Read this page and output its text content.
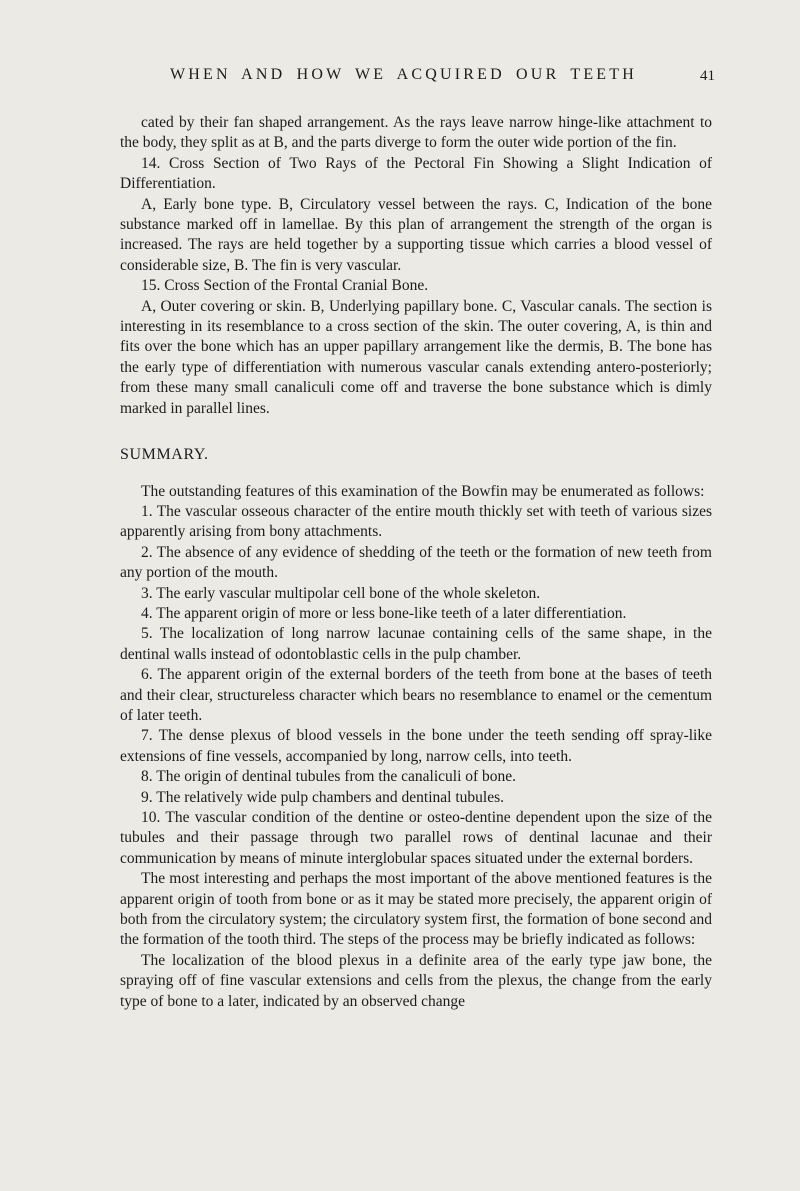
WHEN AND HOW WE ACQUIRED OUR TEETH	41

cated by their fan shaped arrangement. As the rays leave narrow hinge-like attachment to the body, they split as at B, and the parts diverge to form the outer wide portion of the fin.

14. Cross Section of Two Rays of the Pectoral Fin Showing a Slight Indication of Differentiation.

A, Early bone type. B, Circulatory vessel between the rays. C, Indication of the bone substance marked off in lamellae. By this plan of arrangement the strength of the organ is increased. The rays are held together by a supporting tissue which carries a blood vessel of considerable size, B. The fin is very vascular.

15. Cross Section of the Frontal Cranial Bone.

A, Outer covering or skin. B, Underlying papillary bone. C, Vascular canals. The section is interesting in its resemblance to a cross section of the skin. The outer covering, A, is thin and fits over the bone which has an upper papillary arrangement like the dermis, B. The bone has the early type of differentiation with numerous vascular canals extending antero-posteriorly; from these many small canaliculi come off and traverse the bone substance which is dimly marked in parallel lines.

SUMMARY.

The outstanding features of this examination of the Bowfin may be enumerated as follows:

1. The vascular osseous character of the entire mouth thickly set with teeth of various sizes apparently arising from bony attachments.

2. The absence of any evidence of shedding of the teeth or the formation of new teeth from any portion of the mouth.

3. The early vascular multipolar cell bone of the whole skeleton.

4. The apparent origin of more or less bone-like teeth of a later differentiation.

5. The localization of long narrow lacunae containing cells of the same shape, in the dentinal walls instead of odontoblastic cells in the pulp chamber.

6. The apparent origin of the external borders of the teeth from bone at the bases of teeth and their clear, structureless character which bears no resemblance to enamel or the cementum of later teeth.

7. The dense plexus of blood vessels in the bone under the teeth sending off spray-like extensions of fine vessels, accompanied by long, narrow cells, into teeth.

8. The origin of dentinal tubules from the canaliculi of bone.

9. The relatively wide pulp chambers and dentinal tubules.

10. The vascular condition of the dentine or osteo-dentine dependent upon the size of the tubules and their passage through two parallel rows of dentinal lacunae and their communication by means of minute interglobular spaces situated under the external borders.

The most interesting and perhaps the most important of the above mentioned features is the apparent origin of tooth from bone or as it may be stated more precisely, the apparent origin of both from the circulatory system; the circulatory system first, the formation of bone second and the formation of the tooth third. The steps of the process may be briefly indicated as follows:

The localization of the blood plexus in a definite area of the early type jaw bone, the spraying off of fine vascular extensions and cells from the plexus, the change from the early type of bone to a later, indicated by an observed change
